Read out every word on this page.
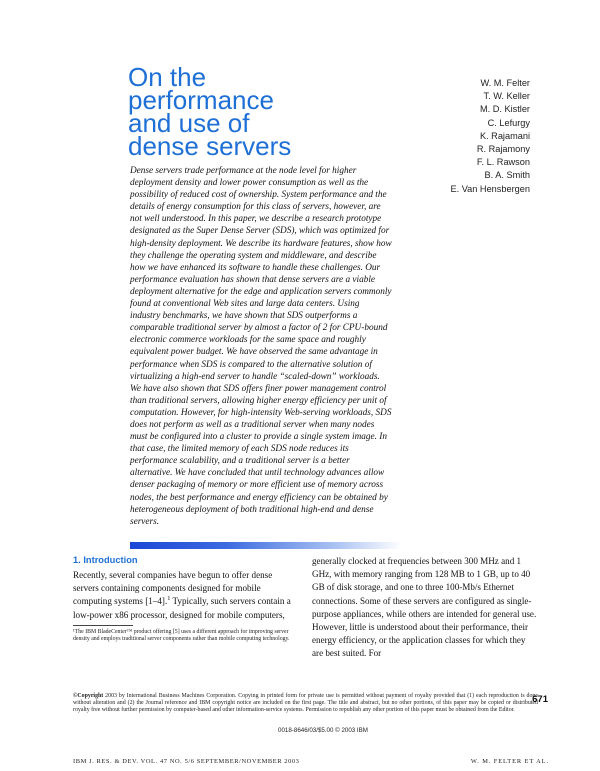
On the
performance
and use of
dense servers
W. M. Felter
T. W. Keller
M. D. Kistler
C. Lefurgy
K. Rajamani
R. Rajamony
F. L. Rawson
B. A. Smith
E. Van Hensbergen

Dense servers trade performance at the node level for higher deployment density and lower power consumption as well as the possibility of reduced cost of ownership. System performance and the details of energy consumption for this class of servers, however, are not well understood. In this paper, we describe a research prototype designated as the Super Dense Server (SDS), which was optimized for high-density deployment. We describe its hardware features, show how they challenge the operating system and middleware, and describe how we have enhanced its software to handle these challenges. Our performance evaluation has shown that dense servers are a viable deployment alternative for the edge and application servers commonly found at conventional Web sites and large data centers. Using industry benchmarks, we have shown that SDS outperforms a comparable traditional server by almost a factor of 2 for CPU-bound electronic commerce workloads for the same space and roughly equivalent power budget. We have observed the same advantage in performance when SDS is compared to the alternative solution of virtualizing a high-end server to handle “scaled-down” workloads. We have also shown that SDS offers finer power management control than traditional servers, allowing higher energy efficiency per unit of computation. However, for high-intensity Web-serving workloads, SDS does not perform as well as a traditional server when many nodes must be configured into a cluster to provide a single system image. In that case, the limited memory of each SDS node reduces its performance scalability, and a traditional server is a better alternative. We have concluded that until technology advances allow denser packaging of memory or more efficient use of memory across nodes, the best performance and energy efficiency can be obtained by heterogeneous deployment of both traditional high-end and dense servers.

1. Introduction

Recently, several companies have begun to offer dense servers containing components designed for mobile computing systems [1–4].$^1$ Typically, such servers contain a low-power x86 processor, designed for mobile computers,

generally clocked at frequencies between 300 MHz and 1 GHz, with memory ranging from 128 MB to 1 GB, up to 40 GB of disk storage, and one to three 100-Mb/s Ethernet connections. Some of these servers are configured as single-purpose appliances, while others are intended for general use. However, little is understood about their performance, their energy efficiency, or the application classes for which they are best suited. For

¹The IBM BladeCenter™ product offering [5] uses a different approach for improving server density and employs traditional server components rather than mobile computing technology.

©Copyright 2003 by International Business Machines Corporation. Copying in printed form for private use is permitted without payment of royalty provided that (1) each reproduction is done without alteration and (2) the Journal reference and IBM copyright notice are included on the first page. The title and abstract, but no other portions, of this paper may be copied or distributed royalty free without further permission by computer-based and other information-service systems. Permission to republish any other portion of this paper must be obtained from the Editor.

671
0018-8646/03/$5.00 © 2003 IBM
IBM J. RES. & DEV. VOL. 47 NO. 5/6 SEPTEMBER/NOVEMBER 2003	W. M. FELTER ET AL.
